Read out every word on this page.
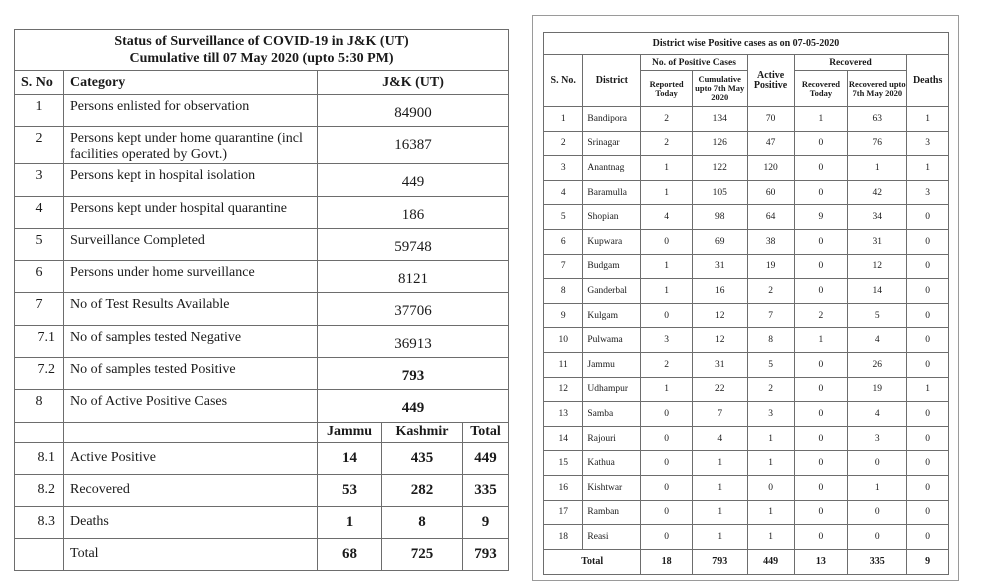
Status of Surveillance of COVID-19 in J&K (UT)
Cumulative till 07 May 2020 (upto 5:30 PM)				

S. No	Category	J&K (UT)		
1	Persons enlisted for observation	84900		
2	Persons kept under home quarantine (incl facilities operated by Govt.)	16387		
3	Persons kept in hospital isolation	449		
4	Persons kept under hospital quarantine	186		
5	Surveillance Completed	59748		
6	Persons under home surveillance	8121		
7	No of Test Results Available	37706		
7.1	No of samples tested Negative	36913		
7.2	No of samples tested Positive	793		
8	No of Active Positive Cases	449		
		Jammu	Kashmir	Total
8.1	Active Positive	14	435	449
8.2	Recovered	53	282	335
8.3	Deaths	1	8	9
	Total	68	725	793
District wise Positive cases as on 07-05-2020							
S. No.	District	No. of Positive Cases		Active Positive	Recovered		Deaths
		Reported Today	Cumulative upto 7th May 2020		Recovered Today	Recovered upto 7th May 2020	
1	Bandipora	2	134	70	1	63	1
2	Srinagar	2	126	47	0	76	3
3	Anantnag	1	122	120	0	1	1
4	Baramulla	1	105	60	0	42	3
5	Shopian	4	98	64	9	34	0
6	Kupwara	0	69	38	0	31	0
7	Budgam	1	31	19	0	12	0
8	Ganderbal	1	16	2	0	14	0
9	Kulgam	0	12	7	2	5	0
10	Pulwama	3	12	8	1	4	0
11	Jammu	2	31	5	0	26	0
12	Udhampur	1	22	2	0	19	1
13	Samba	0	7	3	0	4	0
14	Rajouri	0	4	1	0	3	0
15	Kathua	0	1	1	0	0	0
16	Kishtwar	0	1	0	0	1	0
17	Ramban	0	1	1	0	0	0
18	Reasi	0	1	1	0	0	0
Total		18	793	449	13	335	9
